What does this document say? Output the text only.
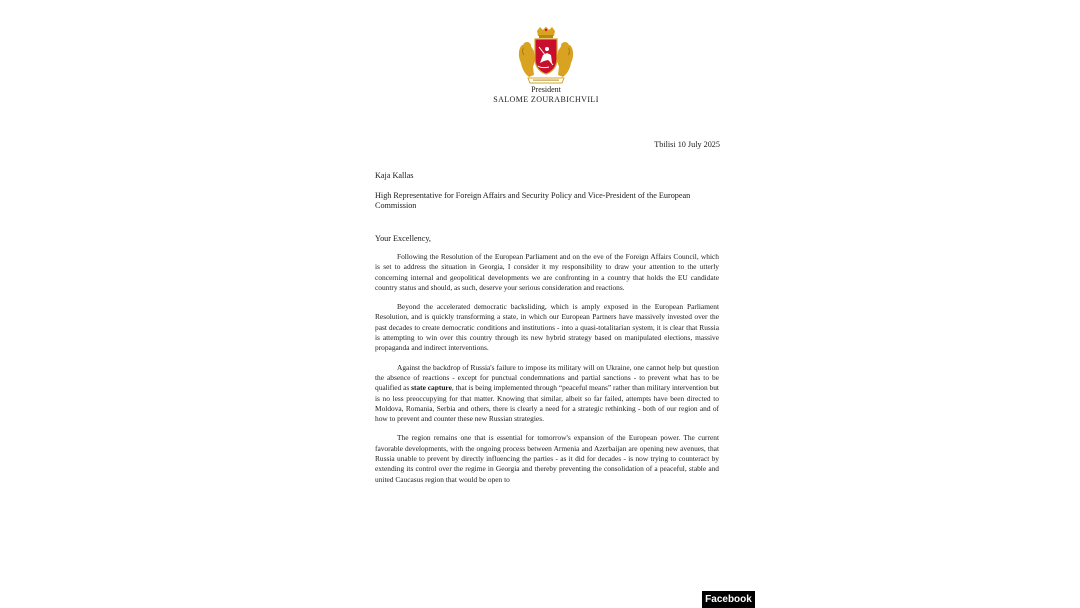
President
SALOME ZOURABICHVILI
Tbilisi 10 July 2025
Kaja Kallas
High Representative for Foreign Affairs and Security Policy and Vice-President of the European Commission
Your Excellency,

Following the Resolution of the European Parliament and on the eve of the Foreign Affairs Council, which is set to address the situation in Georgia, I consider it my responsibility to draw your attention to the utterly concerning internal and geopolitical developments we are confronting in a country that holds the EU candidate country status and should, as such, deserve your serious consideration and reactions.

Beyond the accelerated democratic backsliding, which is amply exposed in the European Parliament Resolution, and is quickly transforming a state, in which our European Partners have massively invested over the past decades to create democratic conditions and institutions - into a quasi-totalitarian system, it is clear that Russia is attempting to win over this country through its new hybrid strategy based on manipulated elections, massive propaganda and indirect interventions.

Against the backdrop of Russia's failure to impose its military will on Ukraine, one cannot help but question the absence of reactions - except for punctual condemnations and partial sanctions - to prevent what has to be qualified as state capture, that is being implemented through “peaceful means” rather than military intervention but is no less preoccupying for that matter. Knowing that similar, albeit so far failed, attempts have been directed to Moldova, Romania, Serbia and others, there is clearly a need for a strategic rethinking - both of our region and of how to prevent and counter these new Russian strategies.

The region remains one that is essential for tomorrow's expansion of the European power. The current favorable developments, with the ongoing process between Armenia and Azerbaijan are opening new avenues, that Russia unable to prevent by directly influencing the parties - as it did for decades - is now trying to counteract by extending its control over the regime in Georgia and thereby preventing the consolidation of a peaceful, stable and united Caucasus region that would be open to

Facebook
